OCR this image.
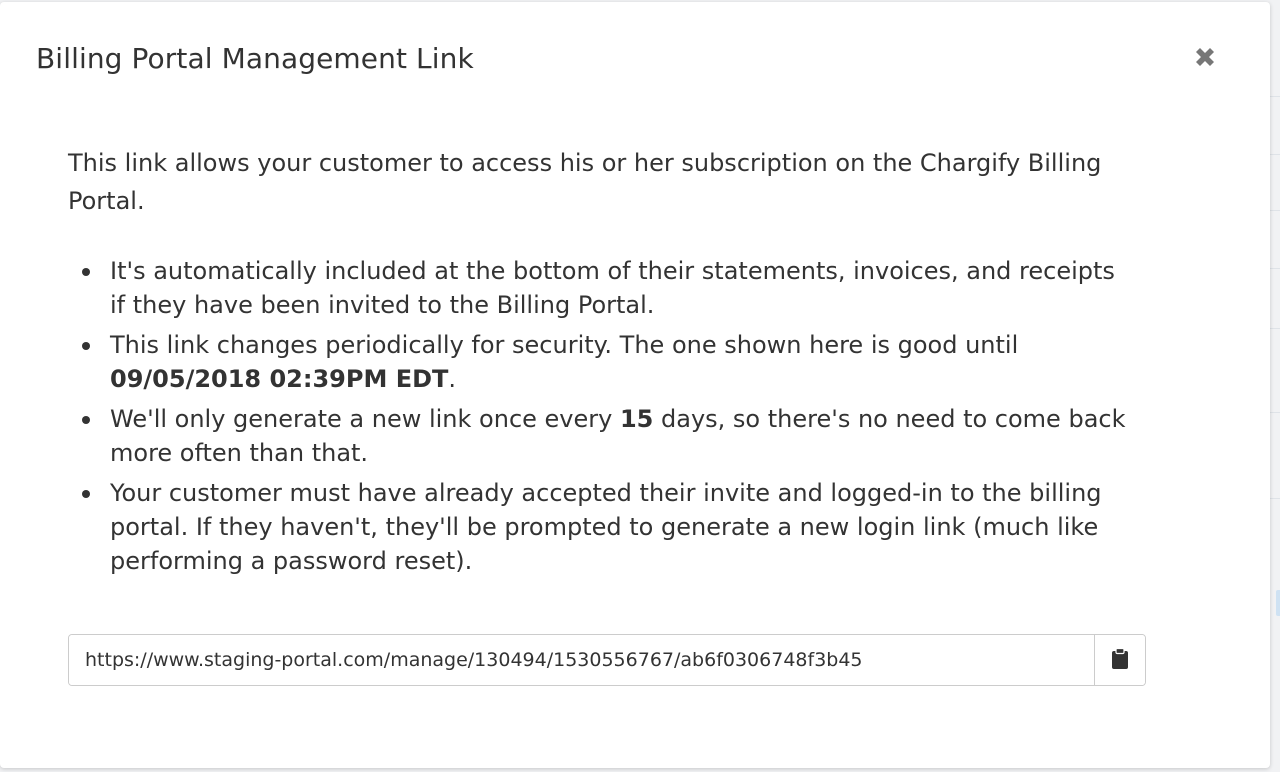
Billing Portal Management Link

This link allows your customer to access his or her subscription on the Chargify Billing Portal.

It's automatically included at the bottom of their statements, invoices, and receipts if they have been invited to the Billing Portal.
This link changes periodically for security. The one shown here is good until 09/05/2018 02:39PM EDT.
We'll only generate a new link once every 15 days, so there's no need to come back more often than that.
Your customer must have already accepted their invite and logged-in to the billing portal. If they haven't, they'll be prompted to generate a new login link (much like performing a password reset).
https://www.staging-portal.com/manage/130494/1530556767/ab6f0306748f3b45
